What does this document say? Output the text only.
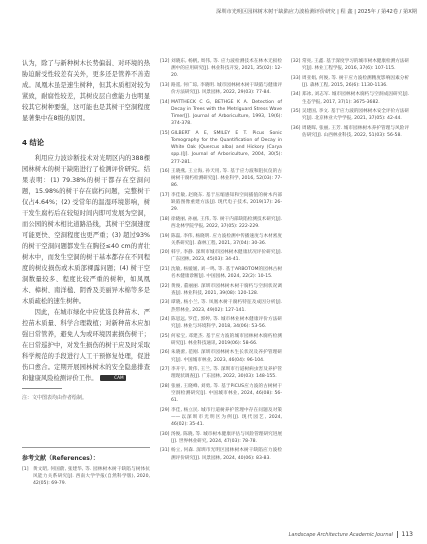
深圳市光明区园林树木树干缺陷应力波检测评价研究 | 程 鑫 | 2025年 / 第42卷 / 第X期

认为，除了与新种树木长势偏弱、对环境的热胁迫耐受性较差有关外，更多还是管养不善造成。凤凰木虽是速生树种，但其木质相对较为紧致，耐腐性较差，其树皮层自愈能力也明显较其它树种要强，这可能也是其树干空洞程度显著集中在8级的原因。

4 结论

利用应力波诊断技术对光明区内的388棵园林树木的树干缺陷进行了检测评价研究。结果表明：(1) 79.38%的树干都存在空洞问题，15.98%的树干存在腐朽问题，完整树干仅占4.64%；(2) 受常年的温湿环境影响，树干发生腐朽后在较短时间内即可发展为空洞，而公园的树木相比道路沿线，其树干空洞速度可能更快、空洞程度也更严重；(3) 超过93%的树干空洞问题都发生在胸径≤40 cm的青壮树木中，而发生空洞的树干基本都存在不同程度的树皮损伤或木质部裸露问题；(4) 树干空洞数量较多、程度比较严重的树种，如凤凰木、樟树、南洋楹、阴香及美丽异木棉等多是木质疏松的速生树种。

因此，在城市绿化中应优选良种苗木、严控苗木质量、科学合理栽植；对新种苗木应加强日常管养，避免人为或环境因素损伤树干；在日常巡护中，对发生损伤的树干应及时采取科学规范的手段进行人工干预修复处理，促进伤口愈合。定期开展园林树木的安全隐患排查和健康风险检测评价工作。	CAM

注：文中图表均由作者绘制。
参考文献（References）：
[1] 黄文昭, 何国蔚, 张建华, 等. 园林树木树干缺陷与树体抗风能力关系研究[J]. 西南大学学报(自然科学版), 2020, 42(05): 69-79.
[12] 刘晓东, 杨帆, 周伟, 等. 应力波检测技术在林木无损检测中的应用研究[J]. 林业科技开发, 2021, 35(02): 12-20.
[13] 路遥, 何广琼, 李晓明. 城市园林树木树干缺陷与健康评价方法研究[J]. 风景园林, 2022, 29(03): 77-84.
[14] MATTHECK C G, BETHGE K A. Detection of Decay in Trees with the Metriguard Stress Wave Timer[J]. Journal of Arboriculture, 1993, 19(6): 374-378.
[15] GILBERT A E, SMILEY E T. Picus Sonic Tomography for the Quantification of Decay in White Oak (Quercus alba) and Hickory (Carya spp.)[J]. Journal of Arboriculture, 2004, 30(5): 277-281.
[16] 王晓燕, 王立海, 孙天用, 等. 基于应力波和阻抗仪的古树树干腐朽检测研究[J]. 林业科学, 2016, 52(03): 77-86.
[17] 李佳敏, 赵晓东. 基于压缩感知和空间插值的树木内部缺陷图像重建方法[J]. 现代电子技术, 2019(17): 26-29.
[18] 徐晓丽, 孙丽, 王伟, 等. 树干内部缺陷检测技术研究[J]. 西北林学院学报, 2022, 37(05): 222-229.
[19] 陈磊, 李伟, 杨晓明. 应力波检测中传播速度与木材密度关系研究[J]. 森林工程, 2021, 37(04): 30-36.
[20] 韩宇, 李静. 深圳市城市园林树木健康状况评价研究[J]. 广东园林, 2023, 45(03): 34-41.
[21] 沈敏, 杨媛媛, 刘一鸣, 等. 基于ARBOTOM的园林古树名木健康诊断[J]. 中国园林, 2024, 22(2): 10-15.
[22] 黄俊, 董丽丽. 深圳市园林树木树干腐朽与空洞状况调查[J]. 林业科技, 2021, 39(08): 120-128.
[23] 谭晓, 杨小兰, 等. 凤凰木树干腐朽特征及成因分析[J]. 热带林业, 2023, 49(02): 127-141.
[24] 陈思远, 罗佳, 郭婷, 等. 城市林业树木健康评价方法研究[J]. 林业与环境科学, 2018, 34(06): 53-56.
[25] 何家宝, 邓建杰. 基于应力波的城市园林树木腐朽检测研究[J]. 林业科技通讯, 2019(06): 58-66.
[26] 朱晓蕾, 范刚. 深圳市园林树木生长状况及养护管理研究[J]. 中国城市林业, 2023, 46(04): 96-104.
[27] 李开宇, 黄伟, 王兰, 等. 深圳市行道树病虫害及养护管理现状调查[J]. 广东园林, 2022, 30(03): 148-155.
[28] 张丽, 王晓峰, 刘勇, 等. 基于PiCUS应力波的古树树干空洞检测研究[J]. 中国城市林业, 2024, 46(08): 56-61.
[29] 李佳, 杨立民. 城市行道树养护管理中存在问题及对策——以深圳市光明区为例[J]. 现代园艺, 2024, 46(02): 35-41.
[30] 汤俊, 陈晓, 等. 城市树木健康评估与风险管理研究进展[J]. 世界林业研究, 2024, 47(03): 78-78.
[31] 杨立, 何森. 深圳市光明区园林树木树干缺陷应力波检测评价研究[J]. 风景园林, 2024, 40(06): 83-83.
[32] 常亮, 王鑫. 基于深度学习的城市树木健康检测方法研究[J]. 林业工程学报, 2016, 37(6): 107-115.
[33] 周亚娟, 何俊, 等. 树干应力波检测精度影响因素分析[J]. 森林工程, 2015, 26(6): 1130-1136.
[34] 郑冰, 刘志军. 城市园林树木腐朽与空洞成因研究[J]. 生态学报, 2017, 37(1): 3675-3682.
[35] 吴建国, 李文. 基于应力波的园林树木安全评价方法研究[J]. 北京林业大学学报, 2021, 37(05): 42-44.
[36] 周晓晖, 张丽, 王芳. 城市园林树木养护管理与风险评估研究[J]. 山西林业科技, 2022, 51(03): 56-58.
Landscape Architecture Academic Journal 113
